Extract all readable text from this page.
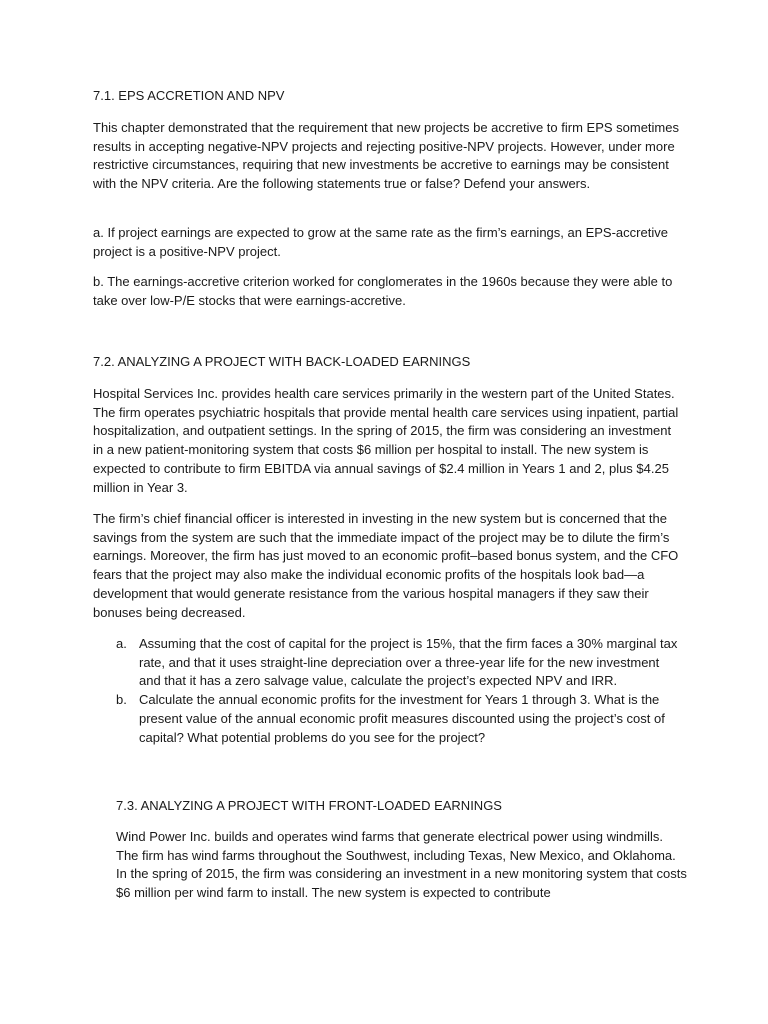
7.1. EPS ACCRETION AND NPV

This chapter demonstrated that the requirement that new projects be accretive to firm EPS sometimes results in accepting negative-NPV projects and rejecting positive-NPV projects. However, under more restrictive circumstances, requiring that new investments be accretive to earnings may be consistent with the NPV criteria. Are the following statements true or false? Defend your answers.

a. If project earnings are expected to grow at the same rate as the firm’s earnings, an EPS-accretive project is a positive-NPV project.

b. The earnings-accretive criterion worked for conglomerates in the 1960s because they were able to take over low-P/E stocks that were earnings-accretive.

7.2. ANALYZING A PROJECT WITH BACK-LOADED EARNINGS

Hospital Services Inc. provides health care services primarily in the western part of the United States. The firm operates psychiatric hospitals that provide mental health care services using inpatient, partial hospitalization, and outpatient settings. In the spring of 2015, the firm was considering an investment in a new patient-monitoring system that costs $6 million per hospital to install. The new system is expected to contribute to firm EBITDA via annual savings of $2.4 million in Years 1 and 2, plus $4.25 million in Year 3.

The firm’s chief financial officer is interested in investing in the new system but is concerned that the savings from the system are such that the immediate impact of the project may be to dilute the firm’s earnings. Moreover, the firm has just moved to an economic profit–based bonus system, and the CFO fears that the project may also make the individual economic profits of the hospitals look bad—a development that would generate resistance from the various hospital managers if they saw their bonuses being decreased.

a. Assuming that the cost of capital for the project is 15%, that the firm faces a 30% marginal tax rate, and that it uses straight-line depreciation over a three-year life for the new investment and that it has a zero salvage value, calculate the project’s expected NPV and IRR.
b. Calculate the annual economic profits for the investment for Years 1 through 3. What is the present value of the annual economic profit measures discounted using the project’s cost of capital? What potential problems do you see for the project?
7.3. ANALYZING A PROJECT WITH FRONT-LOADED EARNINGS

Wind Power Inc. builds and operates wind farms that generate electrical power using windmills. The firm has wind farms throughout the Southwest, including Texas, New Mexico, and Oklahoma. In the spring of 2015, the firm was considering an investment in a new monitoring system that costs $6 million per wind farm to install. The new system is expected to contribute
